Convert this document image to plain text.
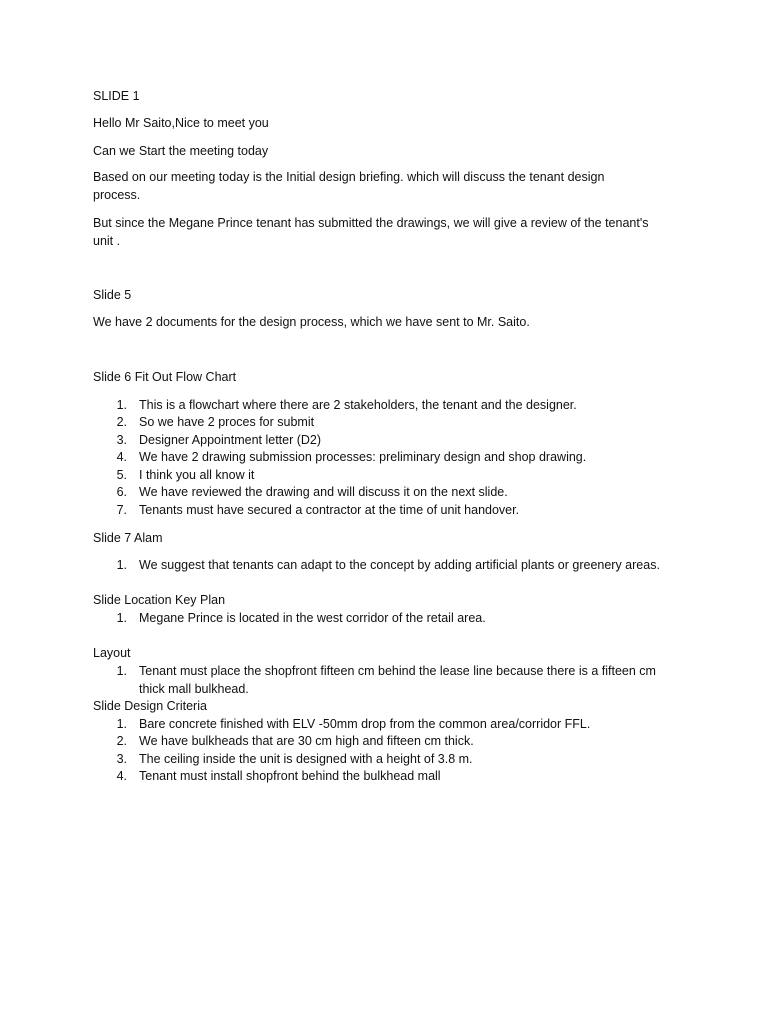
SLIDE 1

Hello Mr Saito,Nice to meet you

Can we Start the meeting today

Based on our meeting today is the Initial design briefing. which will discuss the tenant design process.

But since the Megane Prince tenant has submitted the drawings, we will give a review of the tenant's unit .

Slide 5

We have 2 documents for the design process, which we have sent to Mr. Saito.

Slide 6 Fit Out Flow Chart

1. This is a flowchart where there are 2 stakeholders, the tenant and the designer.
2. So we have 2 proces for submit
3. Designer Appointment letter (D2)
4. We have 2 drawing submission processes: preliminary design and shop drawing.
5. I think you all know it
6. We have reviewed the drawing and will discuss it on the next slide.
7. Tenants must have secured a contractor at the time of unit handover.

Slide 7 Alam

1. We suggest that tenants can adapt to the concept by adding artificial plants or greenery areas.

Slide Location Key Plan

1. Megane Prince is located in the west corridor of the retail area.

Layout

1. Tenant must place the shopfront fifteen cm behind the lease line because there is a fifteen cm thick mall bulkhead.

Slide Design Criteria

1. Bare concrete finished with ELV -50mm drop from the common area/corridor FFL.
2. We have bulkheads that are 30 cm high and fifteen cm thick.
3. The ceiling inside the unit is designed with a height of 3.8 m.
4. Tenant must install shopfront behind the bulkhead mall
